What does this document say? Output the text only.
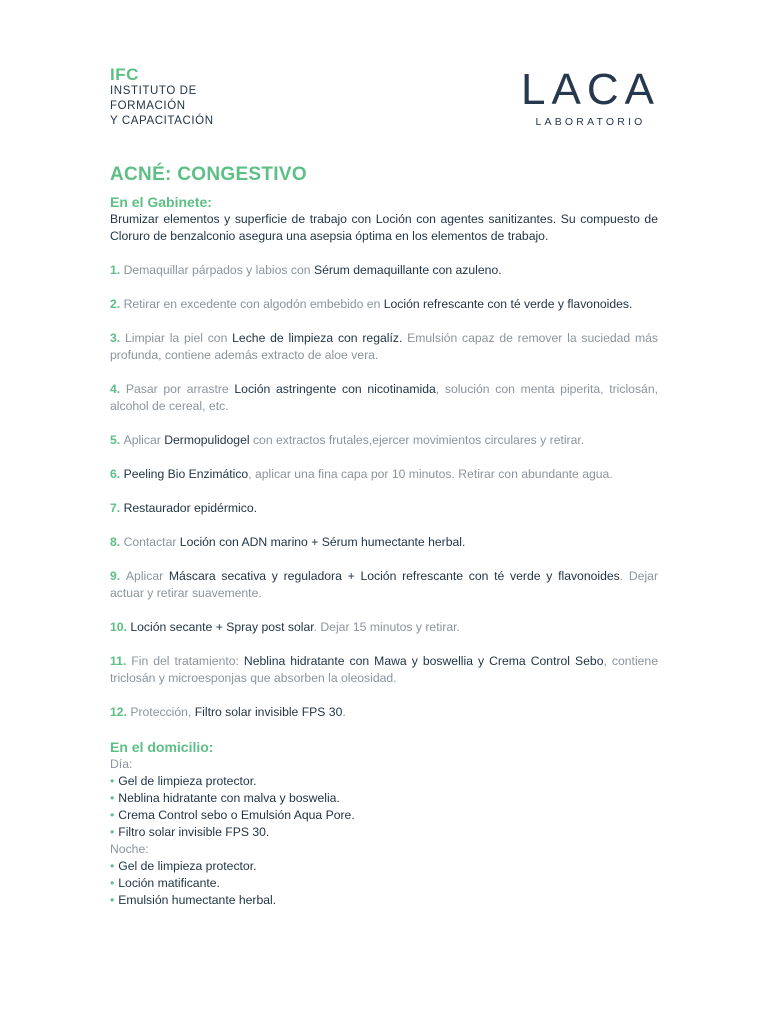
IFC
INSTITUTO DE
FORMACIÓN
Y CAPACITACIÓN
LACA
LABORATORIO
ACNÉ: CONGESTIVO
En el Gabinete:

Brumizar elementos y superficie de trabajo con Loción con agentes sanitizantes. Su compuesto de Cloruro de benzalconio asegura una asepsia óptima en los elementos de trabajo.

1. Demaquillar párpados y labios con Sérum demaquillante con azuleno.

2. Retirar en excedente con algodón embebido en Loción refrescante con té verde y flavonoides.

3. Limpiar la piel con Leche de limpieza con regalíz. Emulsión capaz de remover la suciedad más profunda, contiene además extracto de aloe vera.

4. Pasar por arrastre Loción astringente con nicotinamida, solución con menta piperita, triclosán, alcohol de cereal, etc.

5. Aplicar Dermopulidogel con extractos frutales,ejercer movimientos circulares y retirar.

6. Peeling Bio Enzimático, aplicar una fina capa por 10 minutos. Retirar con abundante agua.

7. Restaurador epidérmico.

8. Contactar Loción con ADN marino + Sérum humectante herbal.

9. Aplicar Máscara secativa y reguladora + Loción refrescante con té verde y flavonoides. Dejar actuar y retirar suavemente.

10. Loción secante + Spray post solar. Dejar 15 minutos y retirar.

11. Fin del tratamiento: Neblina hidratante con Mawa y boswellia y Crema Control Sebo, contiene triclosán y microesponjas que absorben la oleosidad.

12. Protección, Filtro solar invisible FPS 30.

En el domicilio:
Día:
• Gel de limpieza protector.
• Neblina hidratante con malva y boswelia.
• Crema Control sebo o Emulsión Aqua Pore.
• Filtro solar invisible FPS 30.
Noche:
• Gel de limpieza protector.
• Loción matificante.
• Emulsión humectante herbal.
